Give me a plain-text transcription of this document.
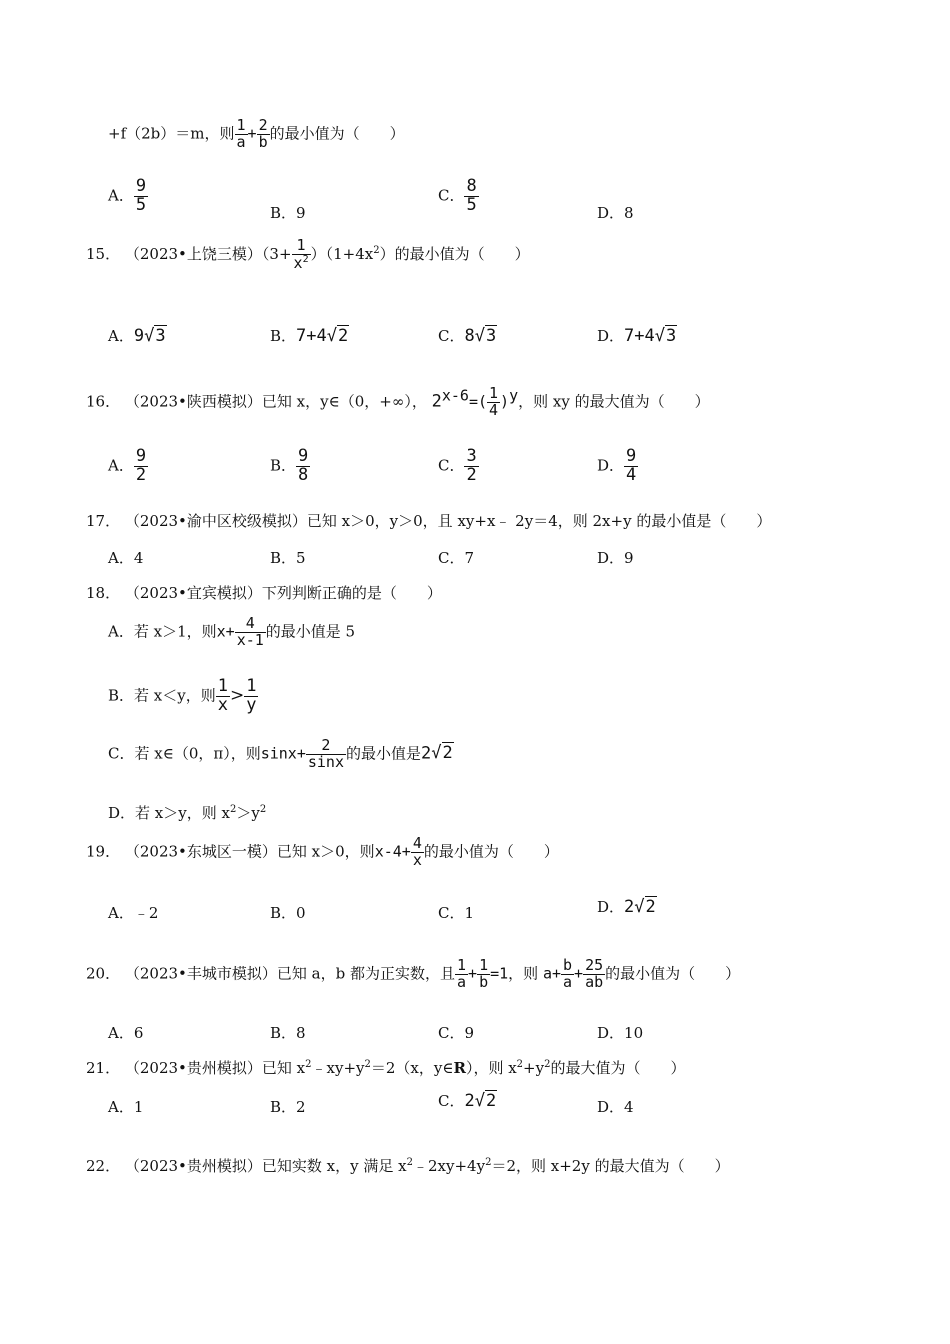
+f（2b）＝m，则 $\frac{1}{a} + \frac{2}{b}$ 的最小值为（　　）
A． $\frac{9}{5}$	B．9
C． $\frac{8}{5}$	D．8
15． （2023•上饶三模）$(3+ \frac{1}{x^2} )(1+4x^2)$的最小值为（　　）
A．9√3	B．7+4√2	C．8√3	D．7+4√3
16． （2023•陕西模拟）已知 x，y∈（0，+∞）， $2^{x-6}=( \frac{1}{4} )^y$，则 xy 的最大值为（　　）
A． $\frac{9}{2}$	B． $\frac{9}{8}$	C． $\frac{3}{2}$	D． $\frac{9}{4}$
17． （2023•渝中区校级模拟）已知 x＞0，y＞0，且 xy+x﹣ 2y＝4，则 2x+y 的最小值是（　　）
A．4	B．5	C．7	D．9
18． （2023•宜宾模拟）下列判断正确的是（　　）
A．若 x＞1，则$x+ \frac{4}{x-1}$ 的最小值是 5
B．若 x＜y，则 $\frac{1}{x} > \frac{1}{y}$
C．若 x∈（0，π），则$\sin x+ \frac{2}{\sin x}$ 的最小值是2√2
D．若 x＞y，则 $x^2>y^2$
19． （2023•东城区一模）已知 x＞0，则$x-4+ \frac{4}{x}$ 的最小值为（　　）
A．﹣2	B．0	C．1	D．2√2
20． （2023•丰城市模拟）已知 a，b 都为正实数，且 $\frac{1}{a} + \frac{1}{b} =1$，则 $a+ \frac{b}{a} + \frac{25}{ab}$ 的最小值为（　　）
A．6	B．8	C．9	D．10
21． （2023•贵州模拟）已知 $x^2﹣xy+y^2=2(x$，y∈R），则 $x^2+y^2$的最大值为（　　）
A．1	B．2	C．2√2	D．4
22． （2023•贵州模拟）已知实数 x，y 满足 $x^2﹣2xy+4y^2=2$，则 x+2y 的最大值为（　　）
